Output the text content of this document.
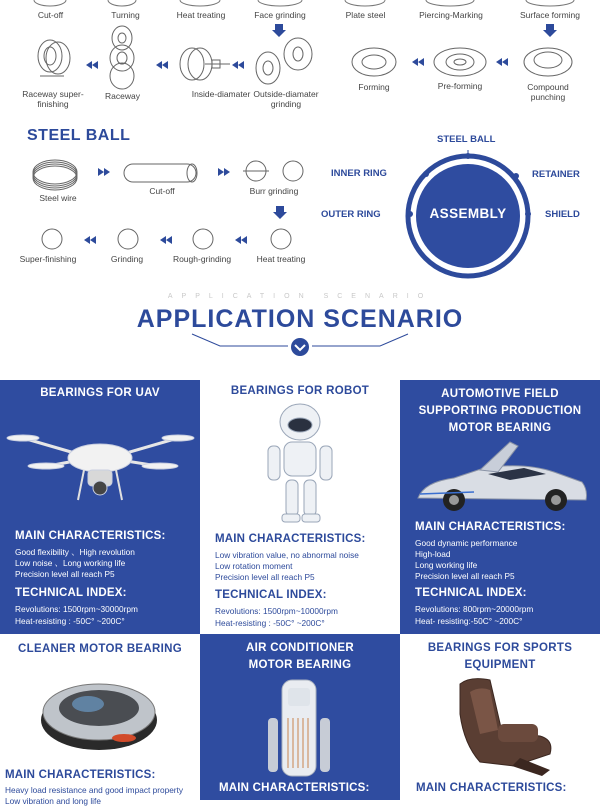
Cut-off	Turning	Heat treating	Face grinding	Plate steel	Piercing-Marking	Surface forming
Raceway super-finishing
Raceway	Inside-diamater Outside-diamater grinding
Forming	Pre-forming	Compound punching
STEEL BALL
Steel wire
Cut-off	Burr grinding
Super-finishing	Grinding	Rough-grinding	Heat treating
ASSEMBLY
STEEL BALL
INNER RING
OUTER RING
RETAINER
SHIELD
APPLICATION SCENARIO
APPLICATION SCENARIO
BEARINGS FOR UAV
MAIN CHARACTERISTICS:
Good flexibility 、High revolution
Low noise 、Long working life
Precision level all reach P5
TECHNICAL INDEX:
Revolutions: 1500rpm~30000rpm
Heat-resisting : -50C° ~200C°
BEARINGS FOR ROBOT
MAIN CHARACTERISTICS:
Low vibration value, no abnormal noise
Low rotation moment
Precision level all reach P5
TECHNICAL INDEX:
Revolutions: 1500rpm~10000rpm
Heat-resisting : -50C° ~200C°
AUTOMOTIVE FIELD
SUPPORTING PRODUCTION
MOTOR BEARING
MAIN CHARACTERISTICS:
Good dynamic performance
High-load
Long working life
Precision level all reach P5
TECHNICAL INDEX:
Revolutions: 800rpm~20000rpm
Heat- resisting:-50C° ~200C°
CLEANER MOTOR BEARING
MAIN CHARACTERISTICS:
Heavy load resistance and good impact property
Low vibration and long life
AIR CONDITIONER
MOTOR BEARING
MAIN CHARACTERISTICS:
BEARINGS FOR SPORTS
EQUIPMENT
MAIN CHARACTERISTICS:
